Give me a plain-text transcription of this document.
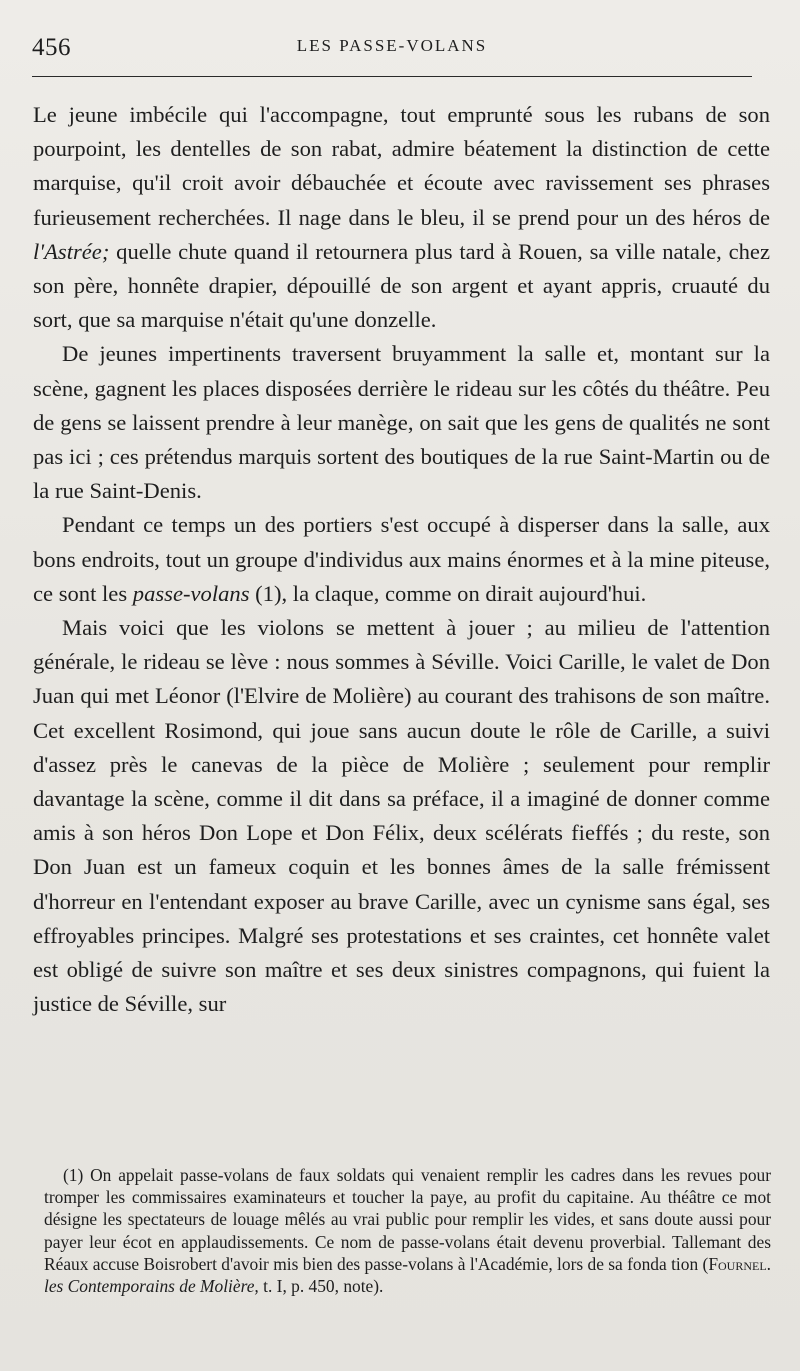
456	LES PASSE-VOLANS

Le jeune imbécile qui l'accompagne, tout emprunté sous les rubans de son pourpoint, les dentelles de son rabat, admire béatement la distinction de cette marquise, qu'il croit avoir débauchée et écoute avec ravissement ses phrases furieusement recherchées. Il nage dans le bleu, il se prend pour un des héros de l'Astrée; quelle chute quand il retournera plus tard à Rouen, sa ville natale, chez son père, honnête drapier, dépouillé de son argent et ayant appris, cruauté du sort, que sa marquise n'était qu'une donzelle.

De jeunes impertinents traversent bruyamment la salle et, montant sur la scène, gagnent les places disposées derrière le rideau sur les côtés du théâtre. Peu de gens se laissent prendre à leur manège, on sait que les gens de qualités ne sont pas ici ; ces prétendus marquis sortent des boutiques de la rue Saint-Martin ou de la rue Saint-Denis.

Pendant ce temps un des portiers s'est occupé à disperser dans la salle, aux bons endroits, tout un groupe d'individus aux mains énormes et à la mine piteuse, ce sont les passe-volans (1), la claque, comme on dirait aujourd'hui.

Mais voici que les violons se mettent à jouer ; au milieu de l'attention générale, le rideau se lève : nous sommes à Séville. Voici Carille, le valet de Don Juan qui met Léonor (l'Elvire de Molière) au courant des trahisons de son maître. Cet excellent Rosimond, qui joue sans aucun doute le rôle de Carille, a suivi d'assez près le canevas de la pièce de Molière ; seulement pour remplir davantage la scène, comme il dit dans sa préface, il a imaginé de donner comme amis à son héros Don Lope et Don Félix, deux scélérats fieffés ; du reste, son Don Juan est un fameux coquin et les bonnes âmes de la salle frémissent d'horreur en l'entendant exposer au brave Carille, avec un cynisme sans égal, ses effroyables principes. Malgré ses protestations et ses craintes, cet honnête valet est obligé de suivre son maître et ses deux sinistres compagnons, qui fuient la justice de Séville, sur

(1) On appelait passe-volans de faux soldats qui venaient remplir les cadres dans les revues pour tromper les commissaires examinateurs et toucher la paye, au profit du capitaine. Au théâtre ce mot désigne les spectateurs de louage mêlés au vrai public pour remplir les vides, et sans doute aussi pour payer leur écot en applaudissements. Ce nom de passe-volans était devenu proverbial. Tallemant des Réaux accuse Boisrobert d'avoir mis bien des passe-volans à l'Académie, lors de sa fonda tion (Fournel. les Contemporains de Molière, t. I, p. 450, note).
